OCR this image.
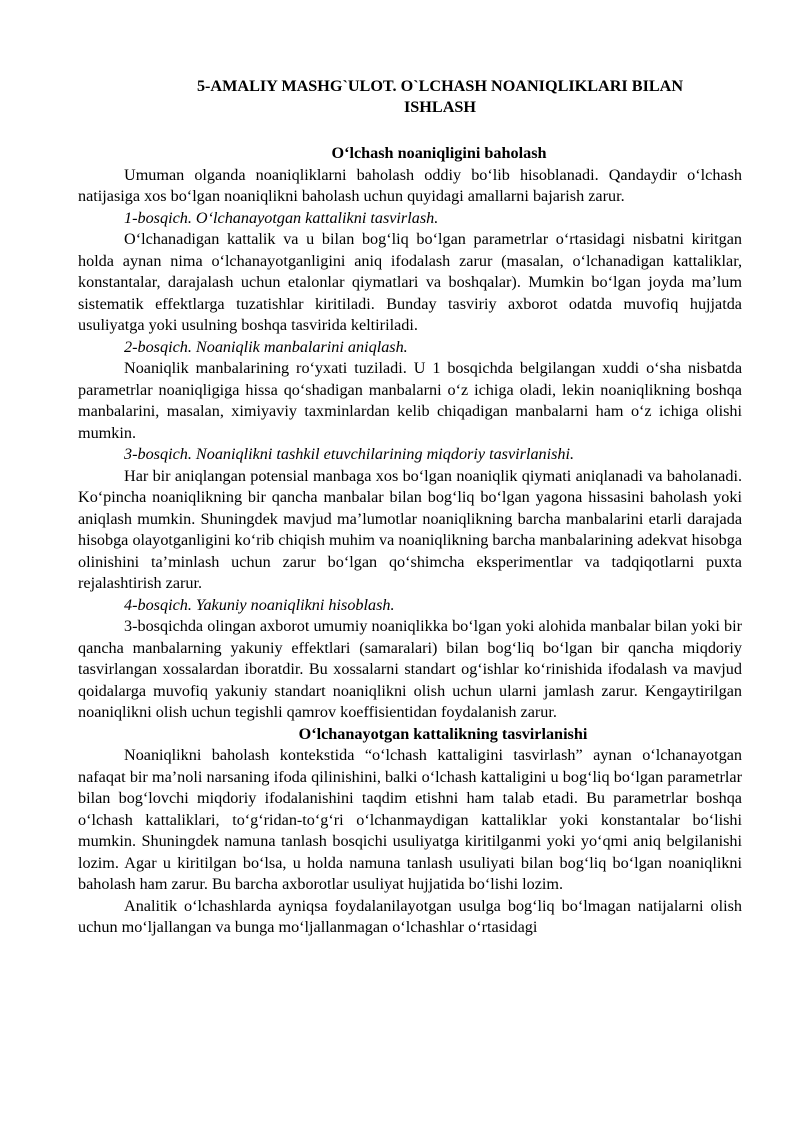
5-AMALIY MASHG`ULOT. O`LCHASH NOANIQLIKLARI BILAN
ISHLASH

O‘lchash noaniqligini baholash

Umuman olganda noaniqliklarni baholash oddiy bo‘lib hisoblanadi. Qandaydir o‘lchash natijasiga xos bo‘lgan noaniqlikni baholash uchun quyidagi amallarni bajarish zarur.

1-bosqich. O‘lchanayotgan kattalikni tasvirlash.

O‘lchanadigan kattalik va u bilan bog‘liq bo‘lgan parametrlar o‘rtasidagi nisbatni kiritgan holda aynan nima o‘lchanayotganligini aniq ifodalash zarur (masalan, o‘lchanadigan kattaliklar, konstantalar, darajalash uchun etalonlar qiymatlari va boshqalar). Mumkin bo‘lgan joyda ma’lum sistematik effektlarga tuzatishlar kiritiladi. Bunday tasviriy axborot odatda muvofiq hujjatda usuliyatga yoki usulning boshqa tasvirida keltiriladi.

2-bosqich. Noaniqlik manbalarini aniqlash.

Noaniqlik manbalarining ro‘yxati tuziladi. U 1 bosqichda belgilangan xuddi o‘sha nisbatda parametrlar noaniqligiga hissa qo‘shadigan manbalarni o‘z ichiga oladi, lekin noaniqlikning boshqa manbalarini, masalan, ximiyaviy taxminlardan kelib chiqadigan manbalarni ham o‘z ichiga olishi mumkin.

3-bosqich. Noaniqlikni tashkil etuvchilarining miqdoriy tasvirlanishi.

Har bir aniqlangan potensial manbaga xos bo‘lgan noaniqlik qiymati aniqlanadi va baholanadi. Ko‘pincha noaniqlikning bir qancha manbalar bilan bog‘liq bo‘lgan yagona hissasini baholash yoki aniqlash mumkin. Shuningdek mavjud ma’lumotlar noaniqlikning barcha manbalarini etarli darajada hisobga olayotganligini ko‘rib chiqish muhim va noaniqlikning barcha manbalarining adekvat hisobga olinishini ta’minlash uchun zarur bo‘lgan qo‘shimcha eksperimentlar va tadqiqotlarni puxta rejalashtirish zarur.

4-bosqich. Yakuniy noaniqlikni hisoblash.

3-bosqichda olingan axborot umumiy noaniqlikka bo‘lgan yoki alohida manbalar bilan yoki bir qancha manbalarning yakuniy effektlari (samaralari) bilan bog‘liq bo‘lgan bir qancha miqdoriy tasvirlangan xossalardan iboratdir. Bu xossalarni standart og‘ishlar ko‘rinishida ifodalash va mavjud qoidalarga muvofiq yakuniy standart noaniqlikni olish uchun ularni jamlash zarur. Kengaytirilgan noaniqlikni olish uchun tegishli qamrov koeffisientidan foydalanish zarur.

O‘lchanayotgan kattalikning tasvirlanishi

Noaniqlikni baholash kontekstida “o‘lchash kattaligini tasvirlash” aynan o‘lchanayotgan nafaqat bir ma’noli narsaning ifoda qilinishini, balki o‘lchash kattaligini u bog‘liq bo‘lgan parametrlar bilan bog‘lovchi miqdoriy ifodalanishini taqdim etishni ham talab etadi. Bu parametrlar boshqa o‘lchash kattaliklari, to‘g‘ridan-to‘g‘ri o‘lchanmaydigan kattaliklar yoki konstantalar bo‘lishi mumkin. Shuningdek namuna tanlash bosqichi usuliyatga kiritilganmi yoki yo‘qmi aniq belgilanishi lozim. Agar u kiritilgan bo‘lsa, u holda namuna tanlash usuliyati bilan bog‘liq bo‘lgan noaniqlikni baholash ham zarur. Bu barcha axborotlar usuliyat hujjatida bo‘lishi lozim.

Analitik o‘lchashlarda ayniqsa foydalanilayotgan usulga bog‘liq bo‘lmagan natijalarni olish uchun mo‘ljallangan va bunga mo‘ljallanmagan o‘lchashlar o‘rtasidagi
